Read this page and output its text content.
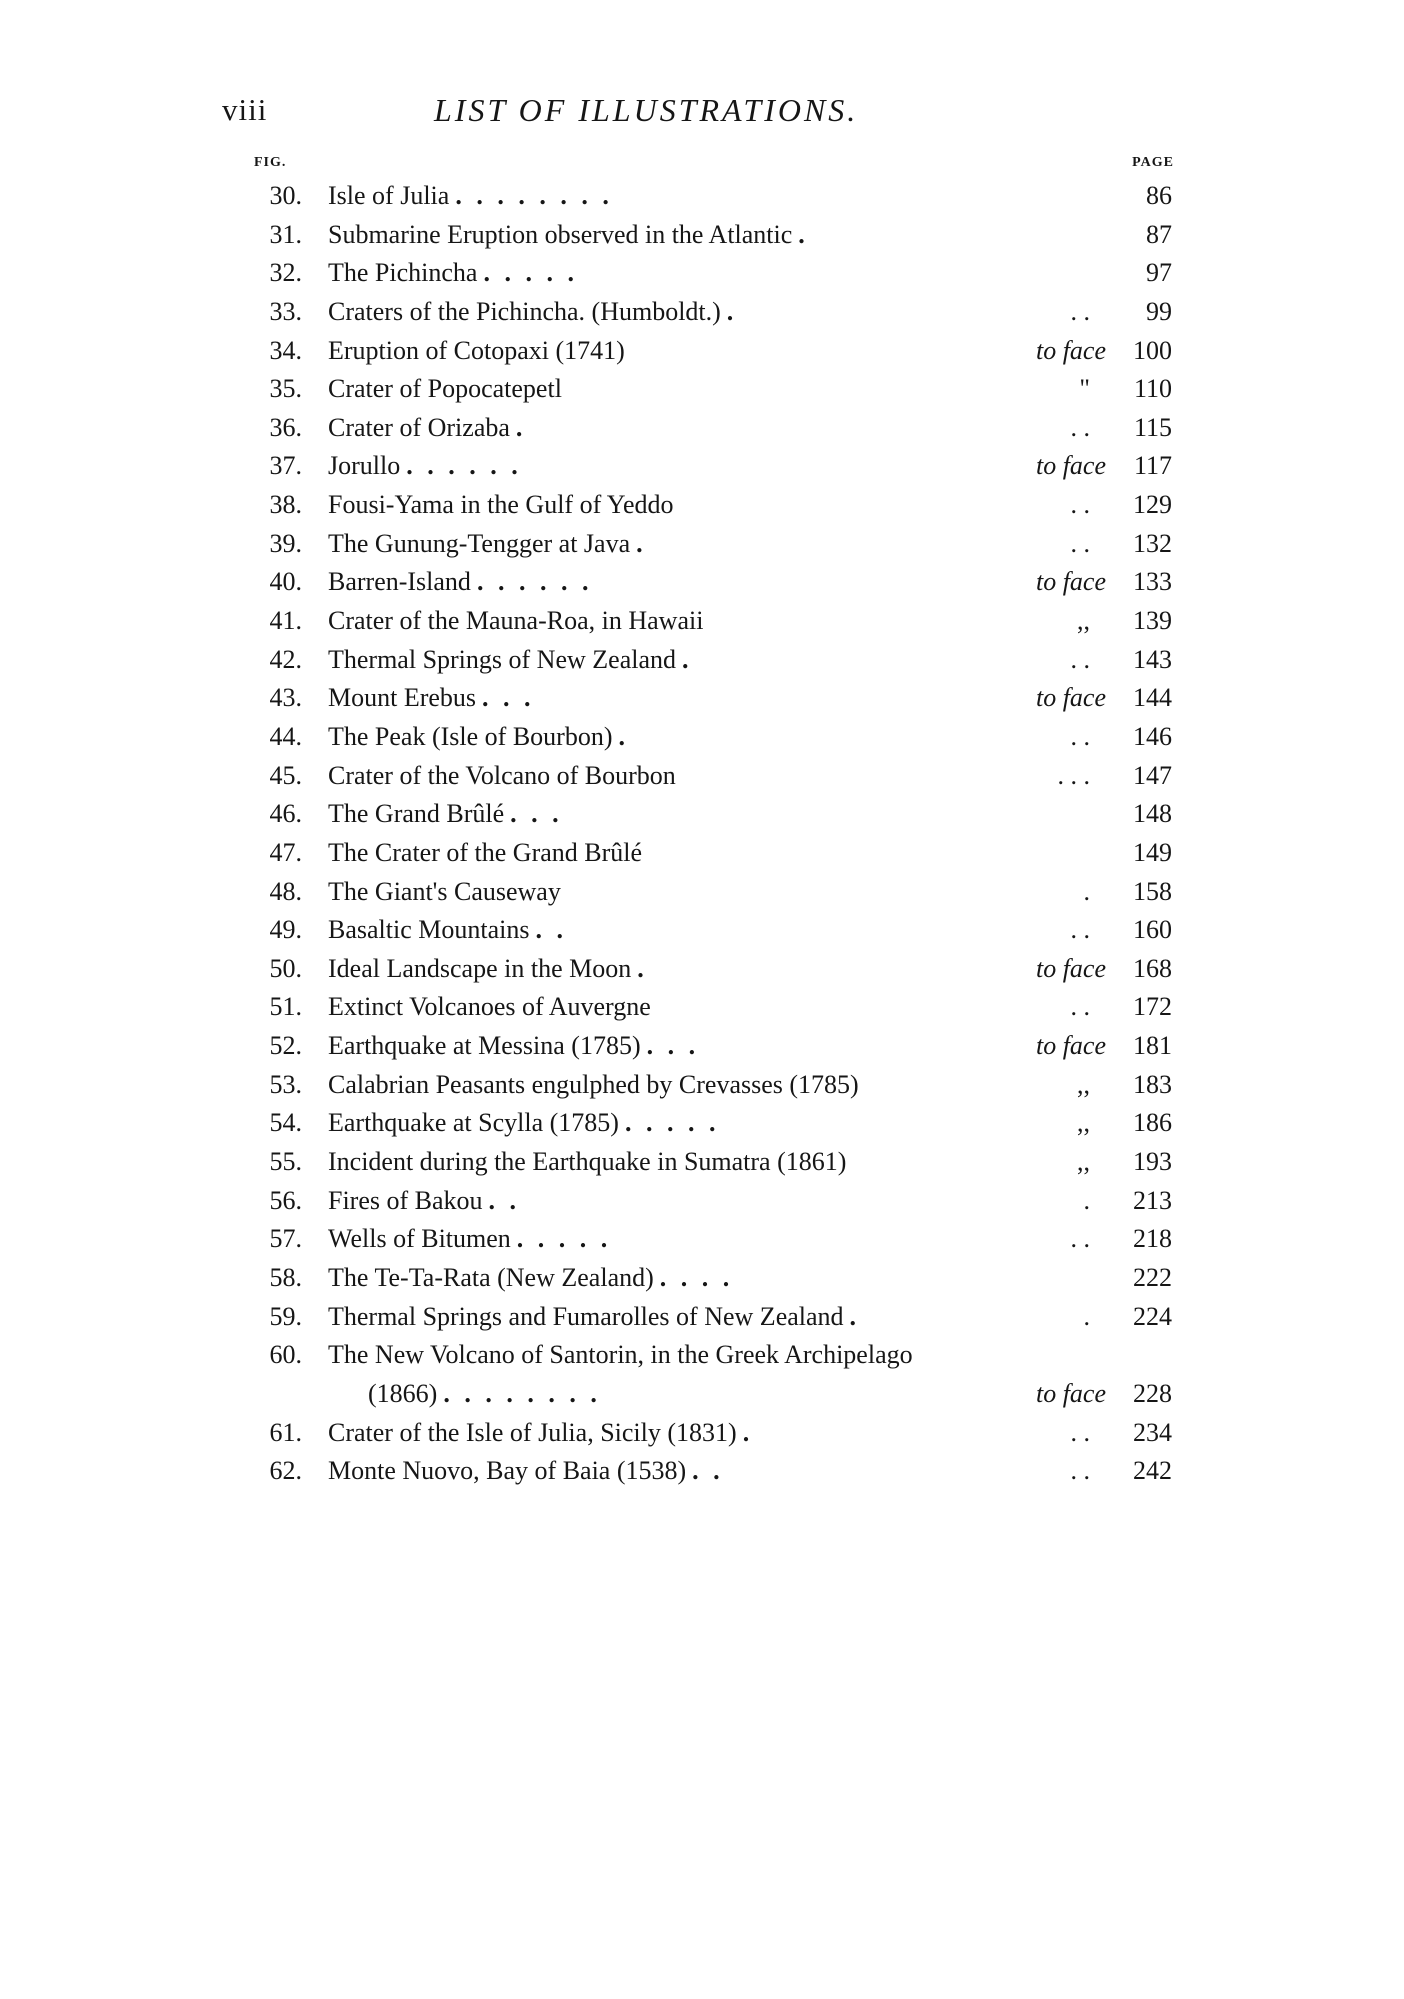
viii	LIST OF ILLUSTRATIONS.
FIG.	PAGE
30. Isle of Julia . . . . . . . .	86
31. Submarine Eruption observed in the Atlantic .	87
32. The Pichincha . . . . .	97
33. Craters of the Pichincha. (Humboldt.) .	. .	99
34. Eruption of Cotopaxi (1741)	to face	100
35. Crater of Popocatepetl	"	110
36. Crater of Orizaba .	. .	115
37. Jorullo . . . . . .	to face	117
38. Fousi-Yama in the Gulf of Yeddo	. .	129
39. The Gunung-Tengger at Java .	. .	132
40. Barren-Island . . . . . .	to face	133
41. Crater of the Mauna-Roa, in Hawaii	,,	139
42. Thermal Springs of New Zealand .	. .	143
43. Mount Erebus . . .	to face	144
44. The Peak (Isle of Bourbon) .	. .	146
45. Crater of the Volcano of Bourbon	. . .	147
46. The Grand Brûlé . . .	148
47. The Crater of the Grand Brûlé	149
48. The Giant's Causeway	.	158
49. Basaltic Mountains . .	. .	160
50. Ideal Landscape in the Moon .	to face	168
51. Extinct Volcanoes of Auvergne	. .	172
52. Earthquake at Messina (1785) . . .	to face	181
53. Calabrian Peasants engulphed by Crevasses (1785)	,,	183
54. Earthquake at Scylla (1785) . . . . .	,,	186
55. Incident during the Earthquake in Sumatra (1861)	,,	193
56. Fires of Bakou . .	.	213
57. Wells of Bitumen . . . . .	. .	218
58. The Te-Ta-Rata (New Zealand) . . . .	222
59. Thermal Springs and Fumarolles of New Zealand .	.	224
60. The New Volcano of Santorin, in the Greek Archipelago
(1866) . . . . . . . .	to face	228
61. Crater of the Isle of Julia, Sicily (1831) .	. .	234
62. Monte Nuovo, Bay of Baia (1538) . .	. .	242
